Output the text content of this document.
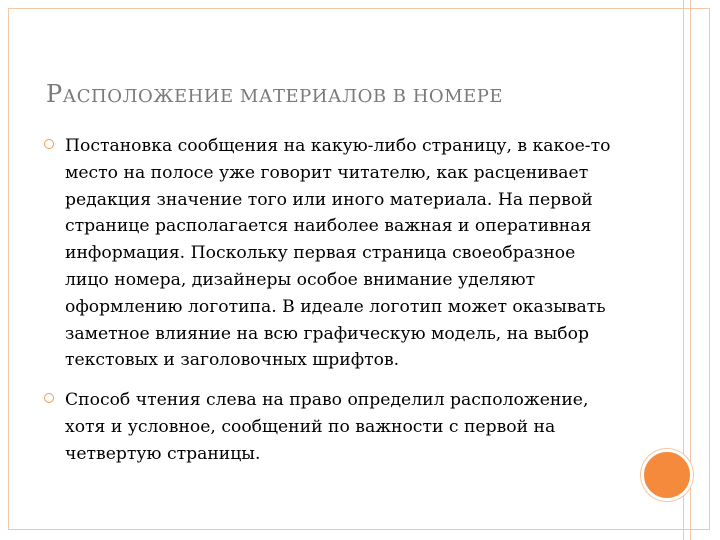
РАСПОЛОЖЕНИЕ МАТЕРИАЛОВ В НОМЕРЕ

Постановка сообщения на какую-либо страницу, в какое-то место на полосе уже говорит читателю, как расценивает редакция значение того или иного материала. На первой странице располагается наиболее важная и оперативная информация. Поскольку первая страница своеобразное лицо номера, дизайнеры особое внимание уделяют оформлению логотипа. В идеале логотип может оказывать заметное влияние на всю графическую модель, на выбор текстовых и заголовочных шрифтов.

Способ чтения слева на право определил расположение, хотя и условное, сообщений по важности с первой на четвертую страницы.
